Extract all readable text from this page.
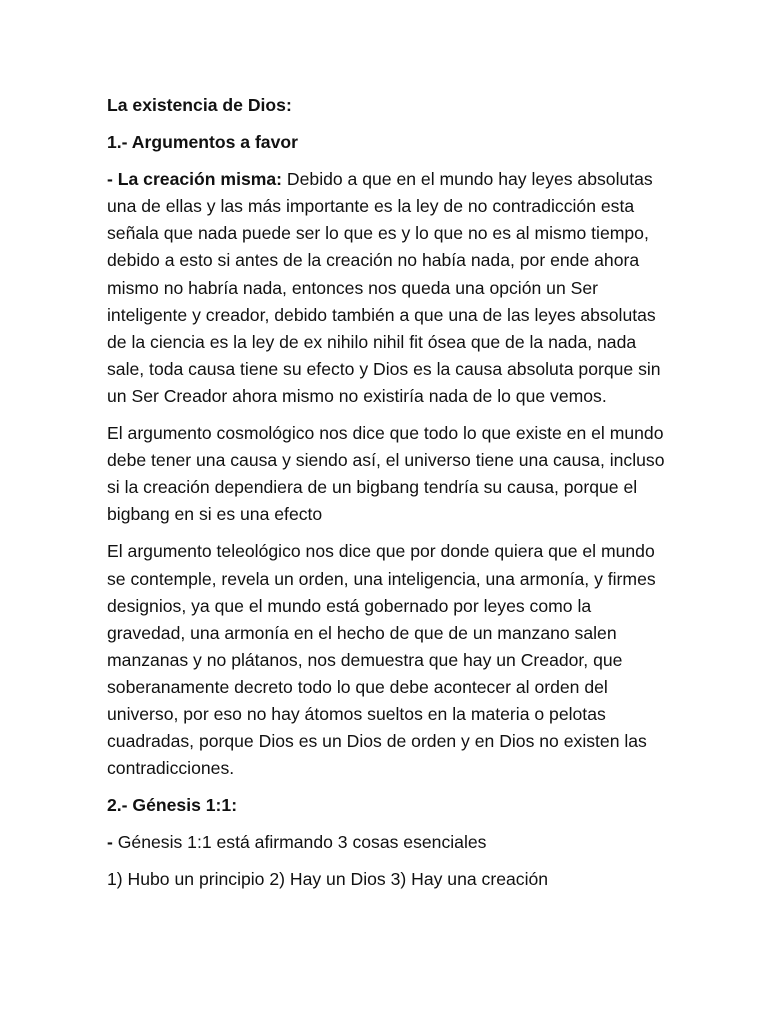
La existencia de Dios:

1.- Argumentos a favor

- La creación misma: Debido a que en el mundo hay leyes absolutas una de ellas y las más importante es la ley de no contradicción esta señala que nada puede ser lo que es y lo que no es al mismo tiempo, debido a esto si antes de la creación no había nada, por ende ahora mismo no habría nada, entonces nos queda una opción un Ser inteligente y creador, debido también a que una de las leyes absolutas de la ciencia es la ley de ex nihilo nihil fit ósea que de la nada, nada sale, toda causa tiene su efecto y Dios es la causa absoluta porque sin un Ser Creador ahora mismo no existiría nada de lo que vemos.

El argumento cosmológico nos dice que todo lo que existe en el mundo debe tener una causa y siendo así, el universo tiene una causa, incluso si la creación dependiera de un bigbang tendría su causa, porque el bigbang en si es una efecto

El argumento teleológico nos dice que por donde quiera que el mundo se contemple, revela un orden, una inteligencia, una armonía, y firmes designios, ya que el mundo está gobernado por leyes como la gravedad, una armonía en el hecho de que de un manzano salen manzanas y no plátanos, nos demuestra que hay un Creador, que soberanamente decreto todo lo que debe acontecer al orden del universo, por eso no hay átomos sueltos en la materia o pelotas cuadradas, porque Dios es un Dios de orden y en Dios no existen las contradicciones.

2.- Génesis 1:1:

- Génesis 1:1 está afirmando 3 cosas esenciales

1) Hubo un principio 2) Hay un Dios 3) Hay una creación
